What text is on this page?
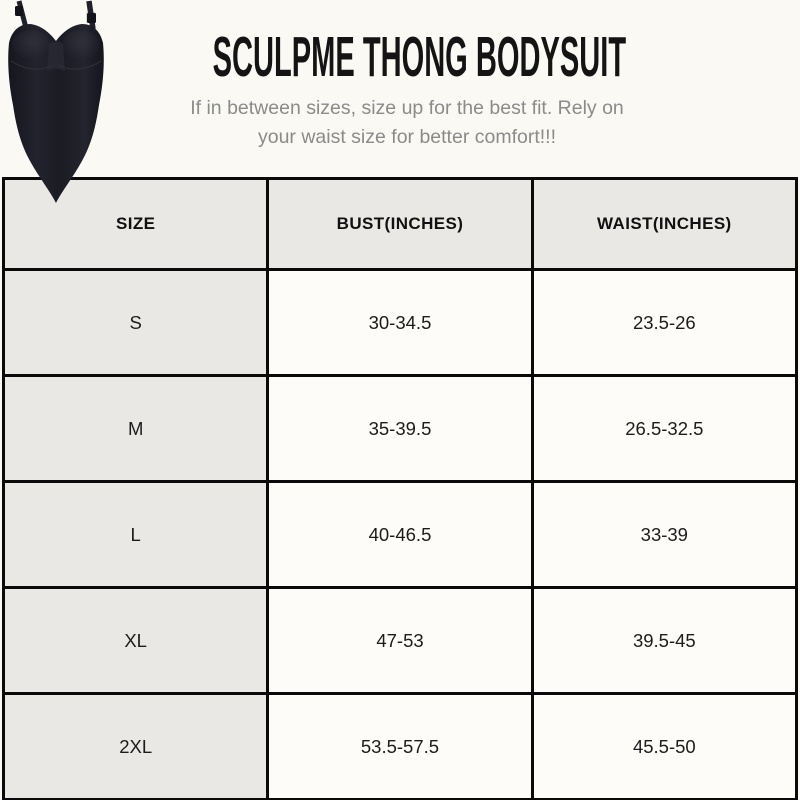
SCULPME THONG BODYSUIT

If in between sizes, size up for the best fit. Rely on
your waist size for better comfort!!!

SIZE	BUST(INCHES)	WAIST(INCHES)
S	30-34.5	23.5-26
M	35-39.5	26.5-32.5
L	40-46.5	33-39
XL	47-53	39.5-45
2XL	53.5-57.5	45.5-50
